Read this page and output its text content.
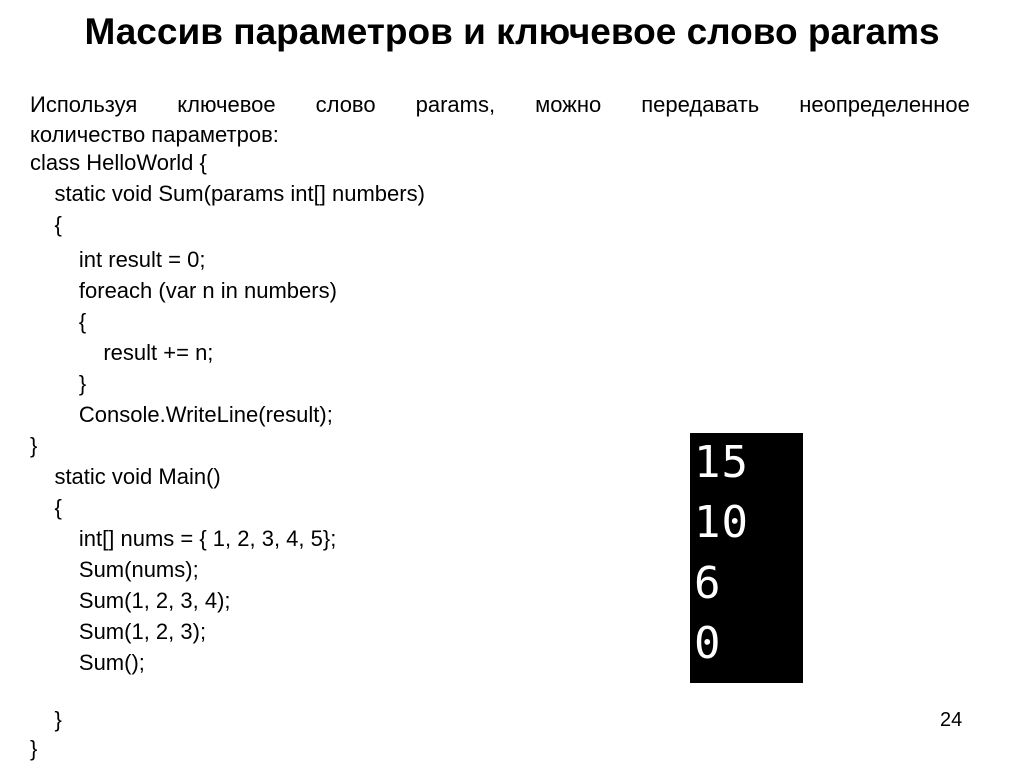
Массив параметров и ключевое слово params
Используя ключевое слово params, можно передавать неопределенное
количество параметров:

class HelloWorld {

static void Sum(params int[] numbers)

{

int result = 0;

foreach (var n in numbers)

{

result += n;

}

Console.WriteLine(result);

}

static void Main()

{

int[] nums = { 1, 2, 3, 4, 5};

Sum(nums);

Sum(1, 2, 3, 4);

Sum(1, 2, 3);

Sum();

}

}

15
10
6
0
24
